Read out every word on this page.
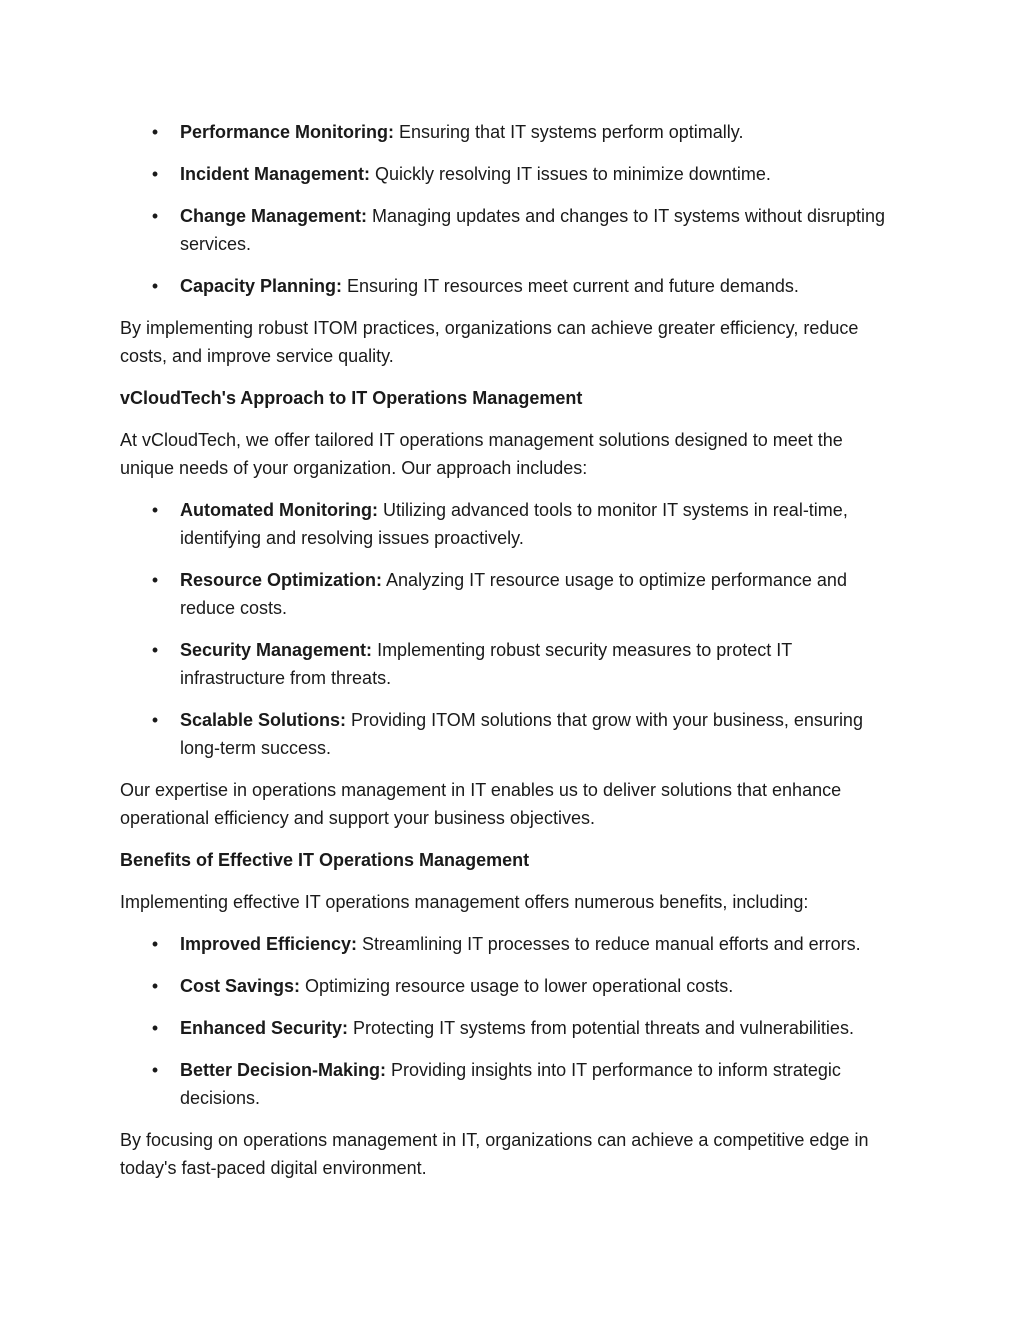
• Performance Monitoring: Ensuring that IT systems perform optimally.
• Incident Management: Quickly resolving IT issues to minimize downtime.
• Change Management: Managing updates and changes to IT systems without disrupting services.
• Capacity Planning: Ensuring IT resources meet current and future demands.

By implementing robust ITOM practices, organizations can achieve greater efficiency, reduce costs, and improve service quality.

vCloudTech's Approach to IT Operations Management

At vCloudTech, we offer tailored IT operations management solutions designed to meet the unique needs of your organization. Our approach includes:

• Automated Monitoring: Utilizing advanced tools to monitor IT systems in real-time, identifying and resolving issues proactively.
• Resource Optimization: Analyzing IT resource usage to optimize performance and reduce costs.
• Security Management: Implementing robust security measures to protect IT infrastructure from threats.
• Scalable Solutions: Providing ITOM solutions that grow with your business, ensuring long-term success.

Our expertise in operations management in IT enables us to deliver solutions that enhance operational efficiency and support your business objectives.

Benefits of Effective IT Operations Management

Implementing effective IT operations management offers numerous benefits, including:

• Improved Efficiency: Streamlining IT processes to reduce manual efforts and errors.
• Cost Savings: Optimizing resource usage to lower operational costs.
• Enhanced Security: Protecting IT systems from potential threats and vulnerabilities.
• Better Decision-Making: Providing insights into IT performance to inform strategic decisions.

By focusing on operations management in IT, organizations can achieve a competitive edge in today's fast-paced digital environment.
